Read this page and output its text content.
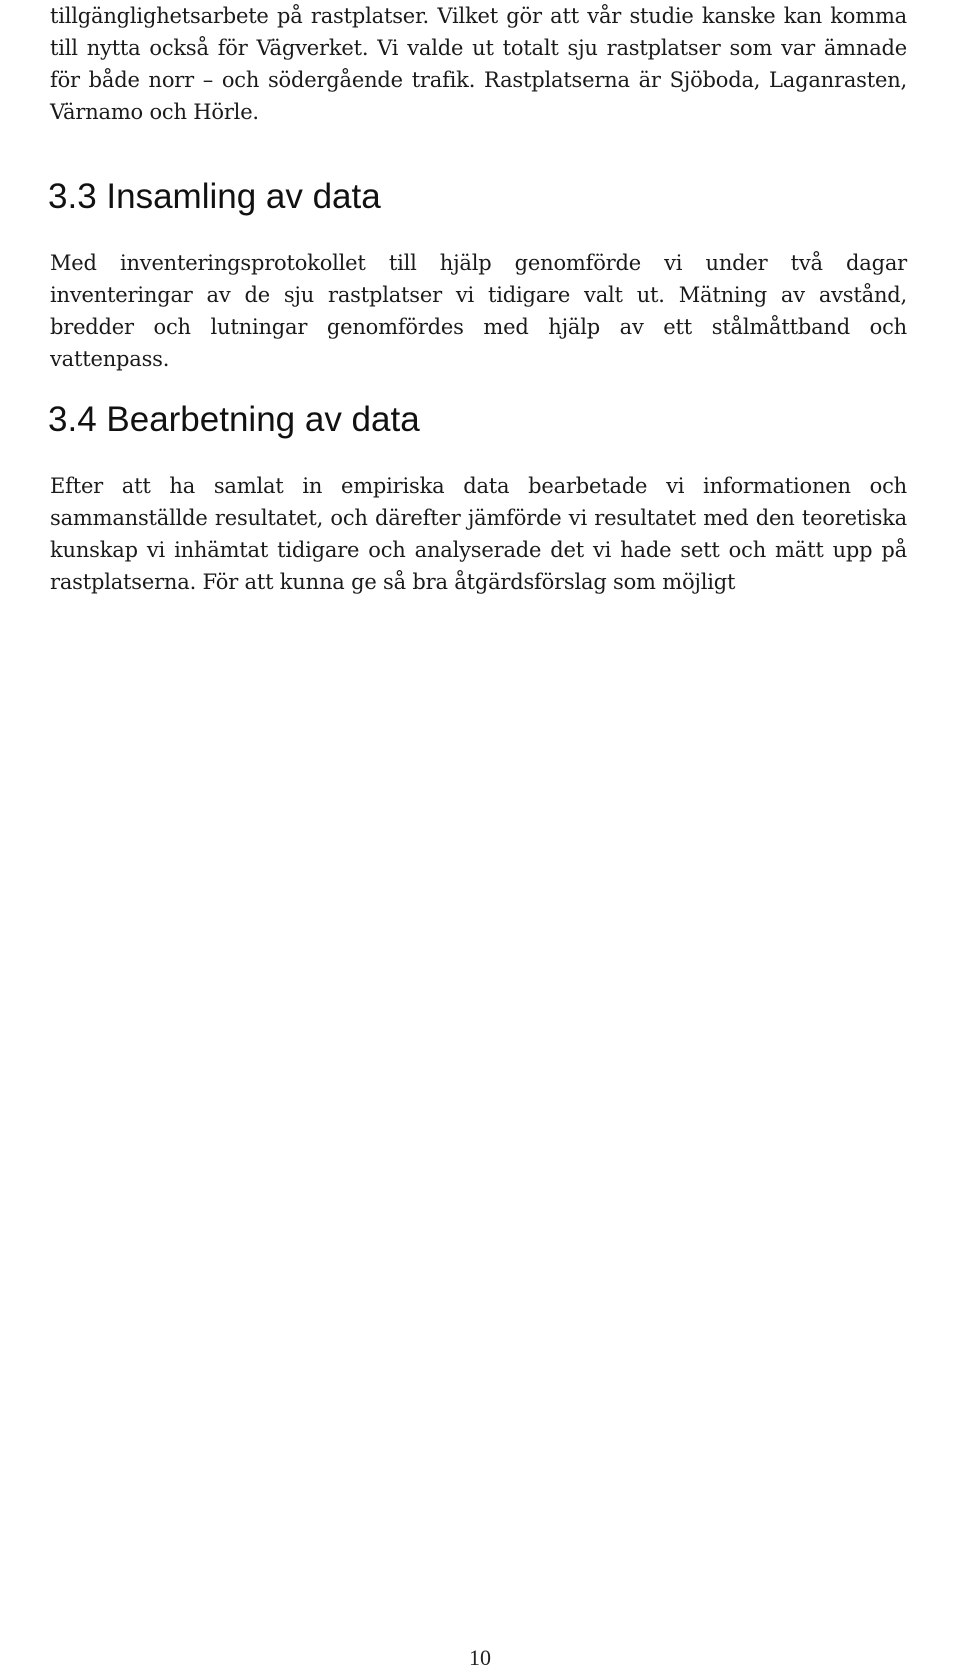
tillgänglighetsarbete på rastplatser. Vilket gör att vår studie kanske kan komma till nytta också för Vägverket. Vi valde ut totalt sju rastplatser som var ämnade för både norr – och södergående trafik. Rastplatserna är Sjöboda, Laganrasten, Värnamo och Hörle.

3.3 Insamling av data

Med inventeringsprotokollet till hjälp genomförde vi under två dagar inventeringar av de sju rastplatser vi tidigare valt ut. Mätning av avstånd, bredder och lutningar genomfördes med hjälp av ett stålmåttband och vattenpass.

3.4 Bearbetning av data

Efter att ha samlat in empiriska data bearbetade vi informationen och sammanställde resultatet, och därefter jämförde vi resultatet med den teoretiska kunskap vi inhämtat tidigare och analyserade det vi hade sett och mätt upp på rastplatserna. För att kunna ge så bra åtgärdsförslag som möjligt

10
